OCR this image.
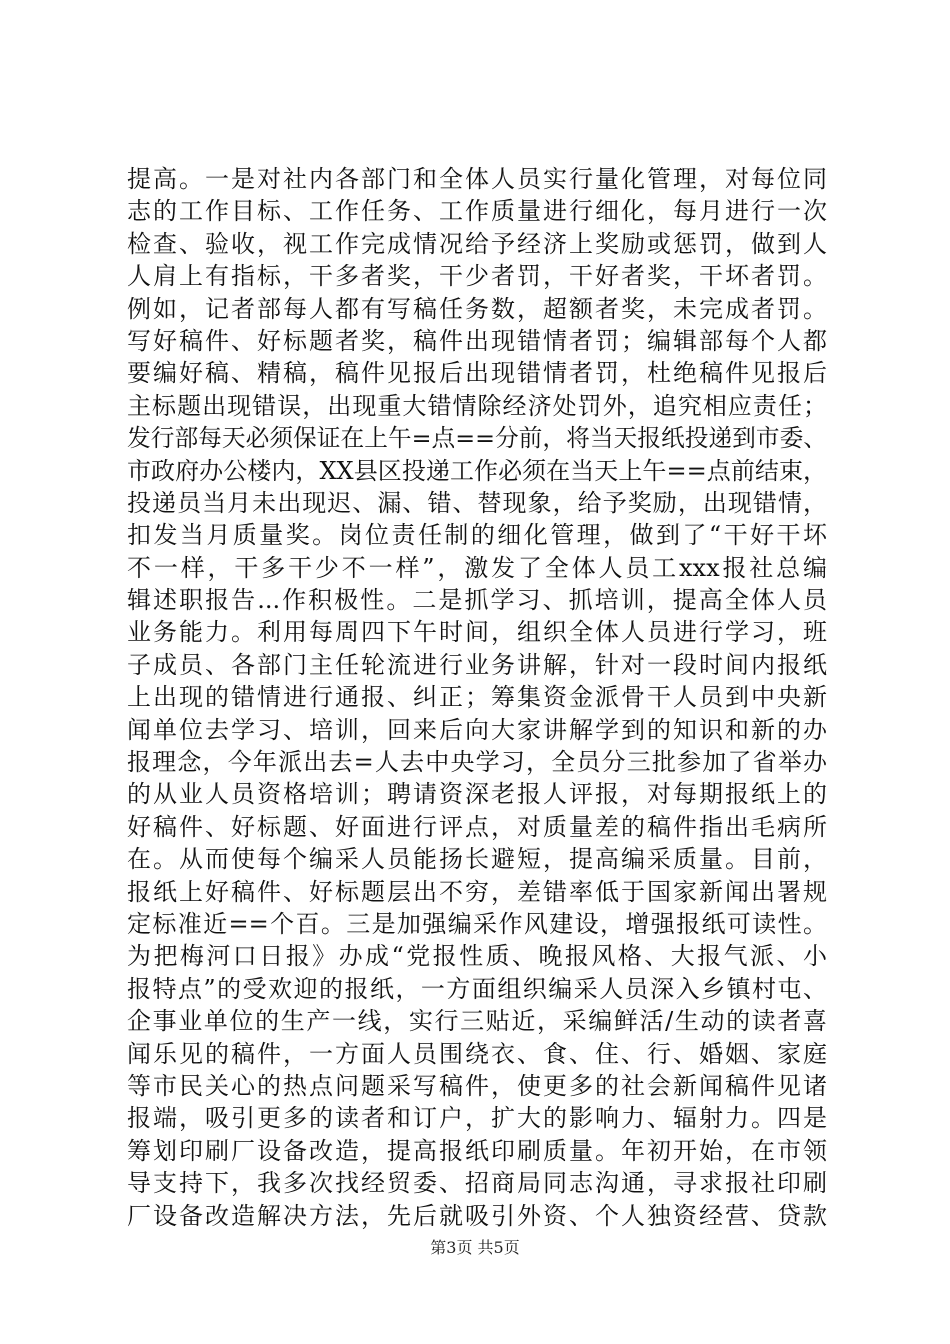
提高。一是对社内各部门和全体人员实行量化管理，对每位同
志的工作目标、工作任务、工作质量进行细化，每月进行一次
检查、验收，视工作完成情况给予经济上奖励或惩罚，做到人
人肩上有指标，干多者奖，干少者罚，干好者奖，干坏者罚。
例如，记者部每人都有写稿任务数，超额者奖，未完成者罚。
写好稿件、好标题者奖，稿件出现错情者罚；编辑部每个人都
要编好稿、精稿，稿件见报后出现错情者罚，杜绝稿件见报后
主标题出现错误，出现重大错情除经济处罚外，追究相应责任；
发行部每天必须保证在上午=点==分前，将当天报纸投递到市委、
市政府办公楼内，XX县区投递工作必须在当天上午==点前结束，
投递员当月未出现迟、漏、错、替现象，给予奖励，出现错情，
扣发当月质量奖。岗位责任制的细化管理，做到了“干好干坏
不一样，干多干少不一样”，激发了全体人员工xxx报社总编
辑述职报告...作积极性。二是抓学习、抓培训，提高全体人员
业务能力。利用每周四下午时间，组织全体人员进行学习，班
子成员、各部门主任轮流进行业务讲解，针对一段时间内报纸
上出现的错情进行通报、纠正；筹集资金派骨干人员到中央新
闻单位去学习、培训，回来后向大家讲解学到的知识和新的办
报理念，今年派出去=人去中央学习，全员分三批参加了省举办
的从业人员资格培训；聘请资深老报人评报，对每期报纸上的
好稿件、好标题、好面进行评点，对质量差的稿件指出毛病所
在。从而使每个编采人员能扬长避短，提高编采质量。目前，
报纸上好稿件、好标题层出不穷，差错率低于国家新闻出署规
定标准近==个百。三是加强编采作风建设，增强报纸可读性。
为把梅河口日报》办成“党报性质、晚报风格、大报气派、小
报特点”的受欢迎的报纸，一方面组织编采人员深入乡镇村屯、
企事业单位的生产一线，实行三贴近，采编鲜活/生动的读者喜
闻乐见的稿件，一方面人员围绕衣、食、住、行、婚姻、家庭
等市民关心的热点问题采写稿件，使更多的社会新闻稿件见诸
报端，吸引更多的读者和订户，扩大的影响力、辐射力。四是
筹划印刷厂设备改造，提高报纸印刷质量。年初开始，在市领
导支持下，我多次找经贸委、招商局同志沟通，寻求报社印刷
厂设备改造解决方法，先后就吸引外资、个人独资经营、贷款
第3页 共5页
